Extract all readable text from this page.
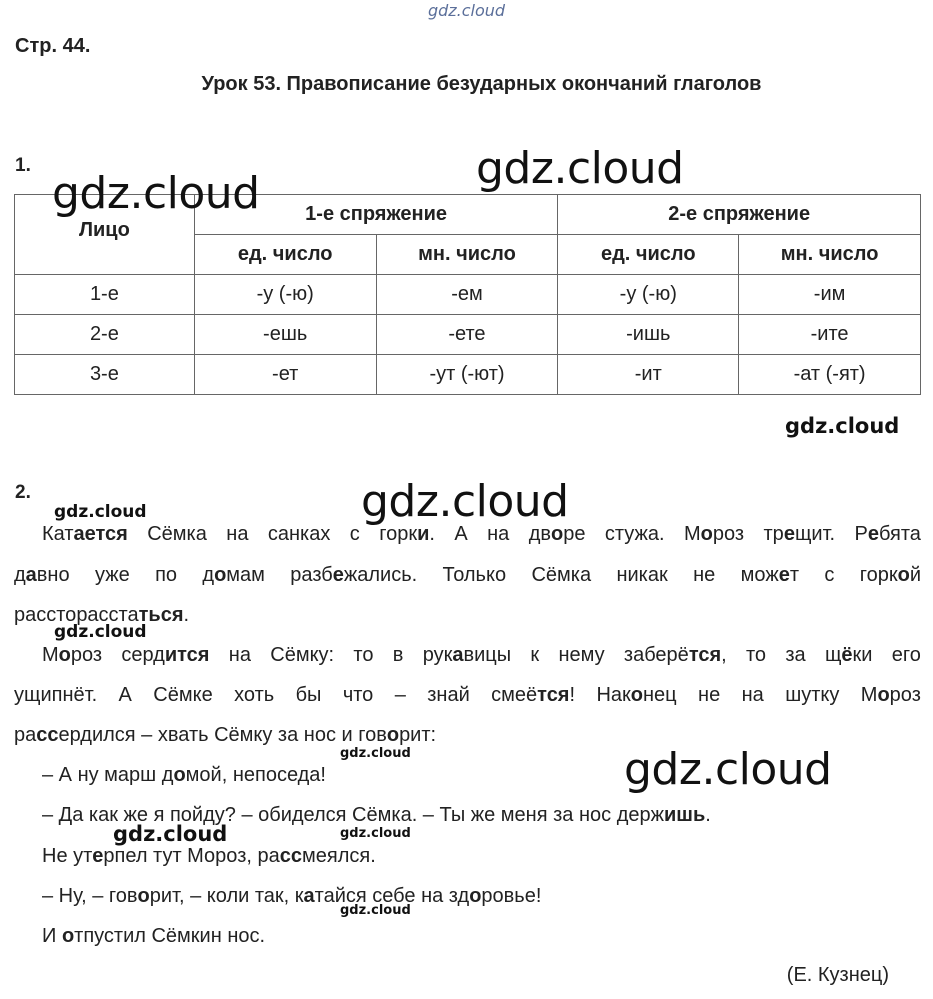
gdz.cloud
Стр. 44.
Урок 53. Правописание безударных окончаний глаголов
1.	gdz.cloud
Лицо	1-е спряжение		2-е спряжение	
	ед. число	мн. число	ед. число	мн. число
1-е	-у (-ю)	-ем	-у (-ю)	-им
2-е	-ешь	-ете	-ишь	-ите
3-е	-ет	-ут (-ют)	-ит	-ат (-ят)
gdz.cloud
gdz.cloud
2.
gdz.cloud	gdz.cloud
Катается Сёмка на санках с горки. А на дворе стужа. Мороз трещит. Ребята
давно уже по домам разбежались. Только Сёмка никак не может с горкой
рассторасстаться.
gdz.cloud
Мороз сердится на Сёмку: то в рукавицы к нему заберётся, то за щёки его
ущипнёт. А Сёмке хоть бы что – знай смеётся! Наконец не на шутку Мороз
рассердился – хвать Сёмку за нос и говорит:
gdz.cloud
– А ну марш домой, непоседа!	gdz.cloud
– Да как же я пойду? – обиделся Сёмка. – Ты же меня за нос держишь.
gdz.cloud	gdz.cloud
Не утерпел тут Мороз, рассмеялся.
– Ну, – говорит, – коли так, катайся себе на здоровье!
gdz.cloud
И отпустил Сёмкин нос.
(Е. Кузнец)
